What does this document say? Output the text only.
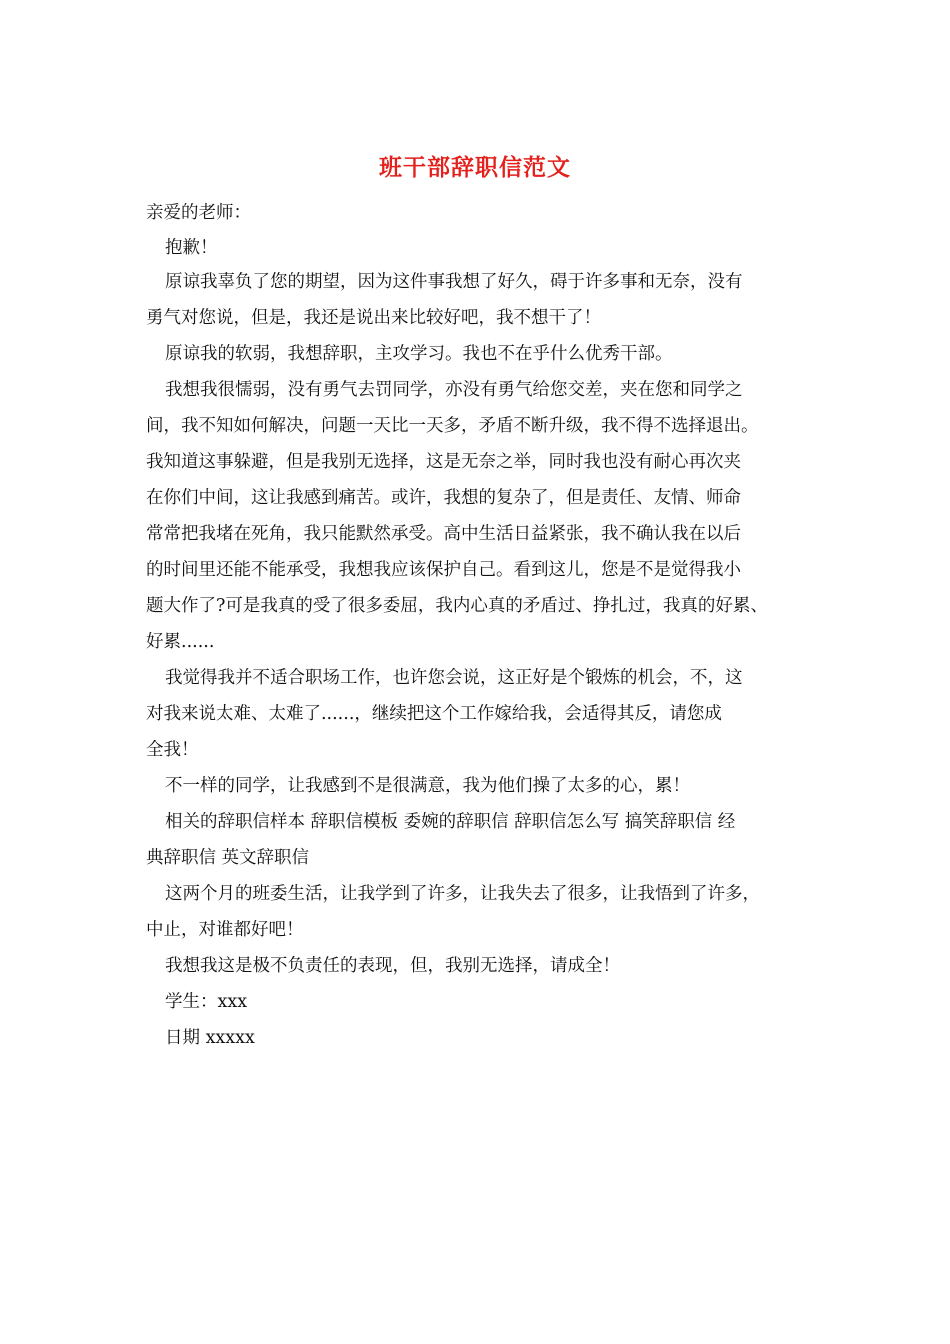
班干部辞职信范文
亲爱的老师：
抱歉！
原谅我辜负了您的期望，因为这件事我想了好久，碍于许多事和无奈，没有
勇气对您说，但是，我还是说出来比较好吧，我不想干了！
原谅我的软弱，我想辞职，主攻学习。我也不在乎什么优秀干部。
我想我很懦弱，没有勇气去罚同学，亦没有勇气给您交差，夹在您和同学之
间，我不知如何解决，问题一天比一天多，矛盾不断升级，我不得不选择退出。
我知道这事躲避，但是我别无选择，这是无奈之举，同时我也没有耐心再次夹
在你们中间，这让我感到痛苦。或许，我想的复杂了，但是责任、友情、师命
常常把我堵在死角，我只能默然承受。高中生活日益紧张，我不确认我在以后
的时间里还能不能承受，我想我应该保护自己。看到这儿，您是不是觉得我小
题大作了?可是我真的受了很多委屈，我内心真的矛盾过、挣扎过，我真的好累、
好累......
我觉得我并不适合职场工作，也许您会说，这正好是个锻炼的机会，不，这
对我来说太难、太难了......，继续把这个工作嫁给我，会适得其反，请您成
全我！
不一样的同学，让我感到不是很满意，我为他们操了太多的心，累！
相关的辞职信样本 辞职信模板 委婉的辞职信 辞职信怎么写 搞笑辞职信 经
典辞职信 英文辞职信
这两个月的班委生活，让我学到了许多，让我失去了很多，让我悟到了许多，
中止，对谁都好吧！
我想我这是极不负责任的表现，但，我别无选择，请成全！
学生：xxx
日期 xxxxx
